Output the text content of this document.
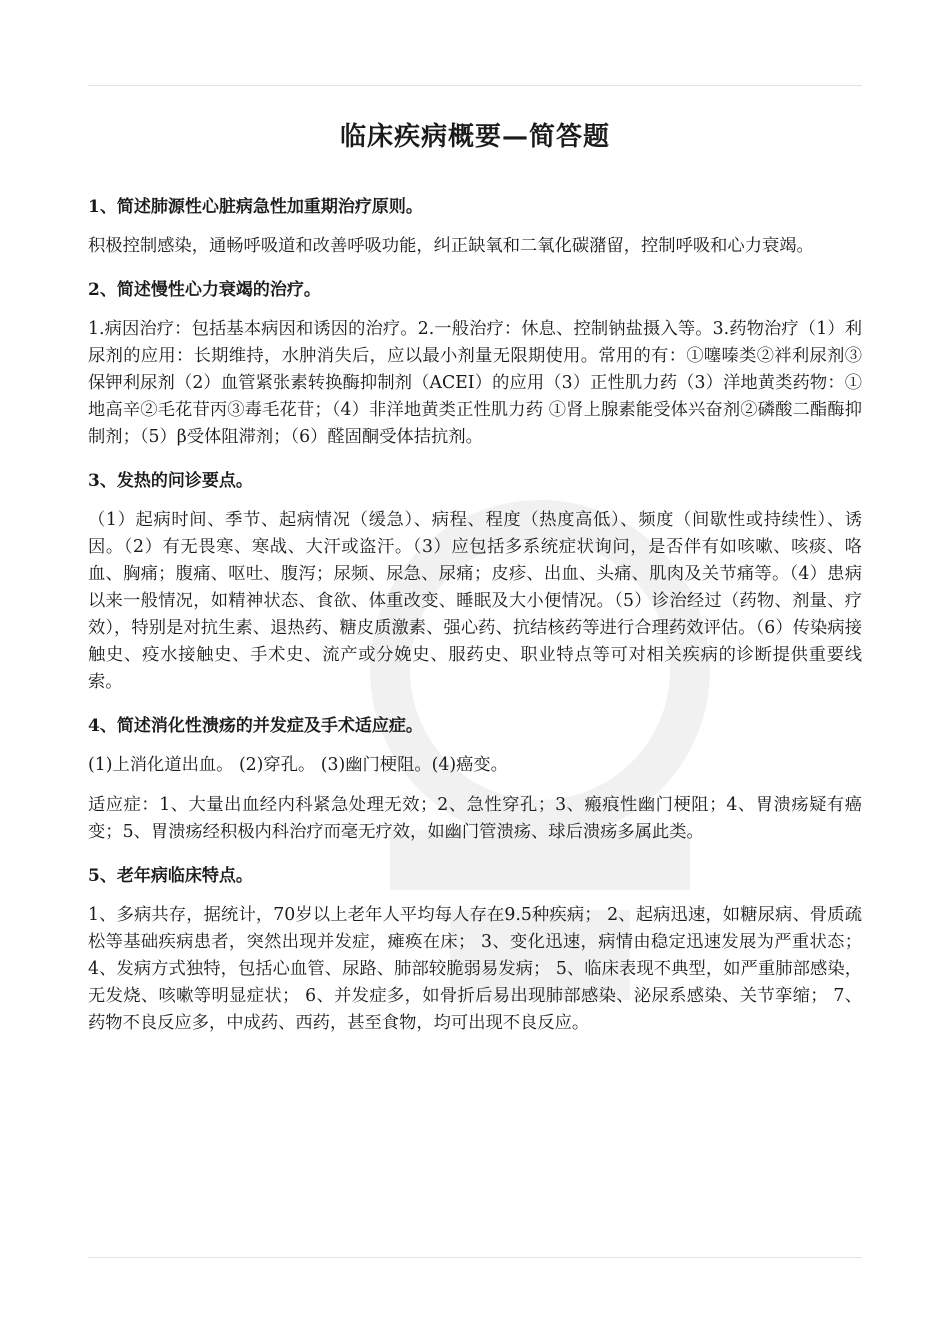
临床疾病概要—简答题
1、简述肺源性心脏病急性加重期治疗原则。
积极控制感染，通畅呼吸道和改善呼吸功能，纠正缺氧和二氧化碳潴留，控制呼吸和心力衰竭。
2、简述慢性心力衰竭的治疗。
1.病因治疗：包括基本病因和诱因的治疗。2.一般治疗：休息、控制钠盐摄入等。3.药物治疗（1）利尿剂的应用：长期维持，水肿消失后，应以最小剂量无限期使用。常用的有：①噻嗪类②袢利尿剂③保钾利尿剂（2）血管紧张素转换酶抑制剂（ACEI）的应用（3）正性肌力药（3）洋地黄类药物：①地高辛②毛花苷丙③毒毛花苷；（4）非洋地黄类正性肌力药 ①肾上腺素能受体兴奋剂②磷酸二酯酶抑制剂；（5）β受体阻滞剂；（6）醛固酮受体拮抗剂。
3、发热的问诊要点。
（1）起病时间、季节、起病情况（缓急）、病程、程度（热度高低）、频度（间歇性或持续性）、诱因。（2）有无畏寒、寒战、大汗或盗汗。（3）应包括多系统症状询问，是否伴有如咳嗽、咳痰、咯血、胸痛；腹痛、呕吐、腹泻；尿频、尿急、尿痛；皮疹、出血、头痛、肌肉及关节痛等。（4）患病以来一般情况，如精神状态、食欲、体重改变、睡眠及大小便情况。（5）诊治经过（药物、剂量、疗效），特别是对抗生素、退热药、糖皮质激素、强心药、抗结核药等进行合理药效评估。（6）传染病接触史、疫水接触史、手术史、流产或分娩史、服药史、职业特点等可对相关疾病的诊断提供重要线索。
4、简述消化性溃疡的并发症及手术适应症。
(1)上消化道出血。 (2)穿孔。 (3)幽门梗阻。(4)癌变。
适应症：1、大量出血经内科紧急处理无效；2、急性穿孔；3、瘢痕性幽门梗阻；4、胃溃疡疑有癌变；5、胃溃疡经积极内科治疗而毫无疗效，如幽门管溃疡、球后溃疡多属此类。
5、老年病临床特点。
1、多病共存，据统计，70岁以上老年人平均每人存在9.5种疾病； 2、起病迅速，如糖尿病、骨质疏松等基础疾病患者，突然出现并发症，瘫痪在床； 3、变化迅速，病情由稳定迅速发展为严重状态； 4、发病方式独特，包括心血管、尿路、肺部较脆弱易发病； 5、临床表现不典型，如严重肺部感染，无发烧、咳嗽等明显症状； 6、并发症多，如骨折后易出现肺部感染、泌尿系感染、关节挛缩； 7、药物不良反应多，中成药、西药，甚至食物，均可出现不良反应。
